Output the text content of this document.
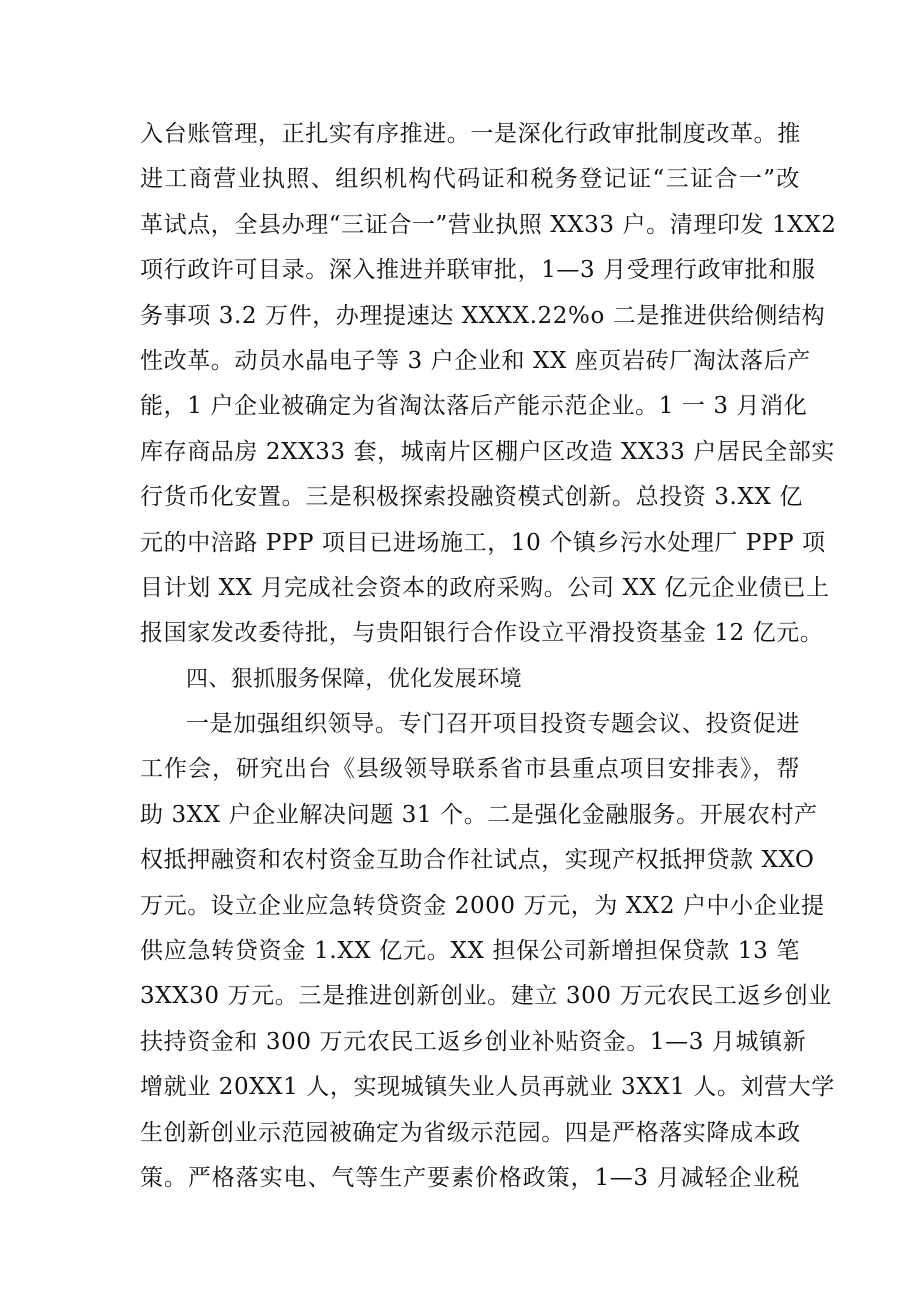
入台账管理，正扎实有序推进。一是深化行政审批制度改革。推
进工商营业执照、组织机构代码证和税务登记证“三证合一”改
革试点，全县办理“三证合一”营业执照 XX33 户。清理印发 1XX2
项行政许可目录。深入推进并联审批，1—3 月受理行政审批和服
务事项 3.2 万件，办理提速达 XXXX.22%o 二是推进供给侧结构
性改革。动员水晶电子等 3 户企业和 XX 座页岩砖厂淘汰落后产
能，1 户企业被确定为省淘汰落后产能示范企业。1 一 3 月消化
库存商品房 2XX33 套，城南片区棚户区改造 XX33 户居民全部实
行货币化安置。三是积极探索投融资模式创新。总投资 3.XX 亿
元的中涪路 PPP 项目已进场施工，10 个镇乡污水处理厂 PPP 项
目计划 XX 月完成社会资本的政府采购。公司 XX 亿元企业债已上
报国家发改委待批，与贵阳银行合作设立平滑投资基金 12 亿元。
四、狠抓服务保障，优化发展环境
一是加强组织领导。专门召开项目投资专题会议、投资促进
工作会，研究出台《县级领导联系省市县重点项目安排表》，帮
助 3XX 户企业解决问题 31 个。二是强化金融服务。开展农村产
权抵押融资和农村资金互助合作社试点，实现产权抵押贷款 XXO
万元。设立企业应急转贷资金 2000 万元，为 XX2 户中小企业提
供应急转贷资金 1.XX 亿元。XX 担保公司新增担保贷款 13 笔
3XX30 万元。三是推进创新创业。建立 300 万元农民工返乡创业
扶持资金和 300 万元农民工返乡创业补贴资金。1—3 月城镇新
增就业 20XX1 人，实现城镇失业人员再就业 3XX1 人。刘营大学
生创新创业示范园被确定为省级示范园。四是严格落实降成本政
策。严格落实电、气等生产要素价格政策，1—3 月减轻企业税
